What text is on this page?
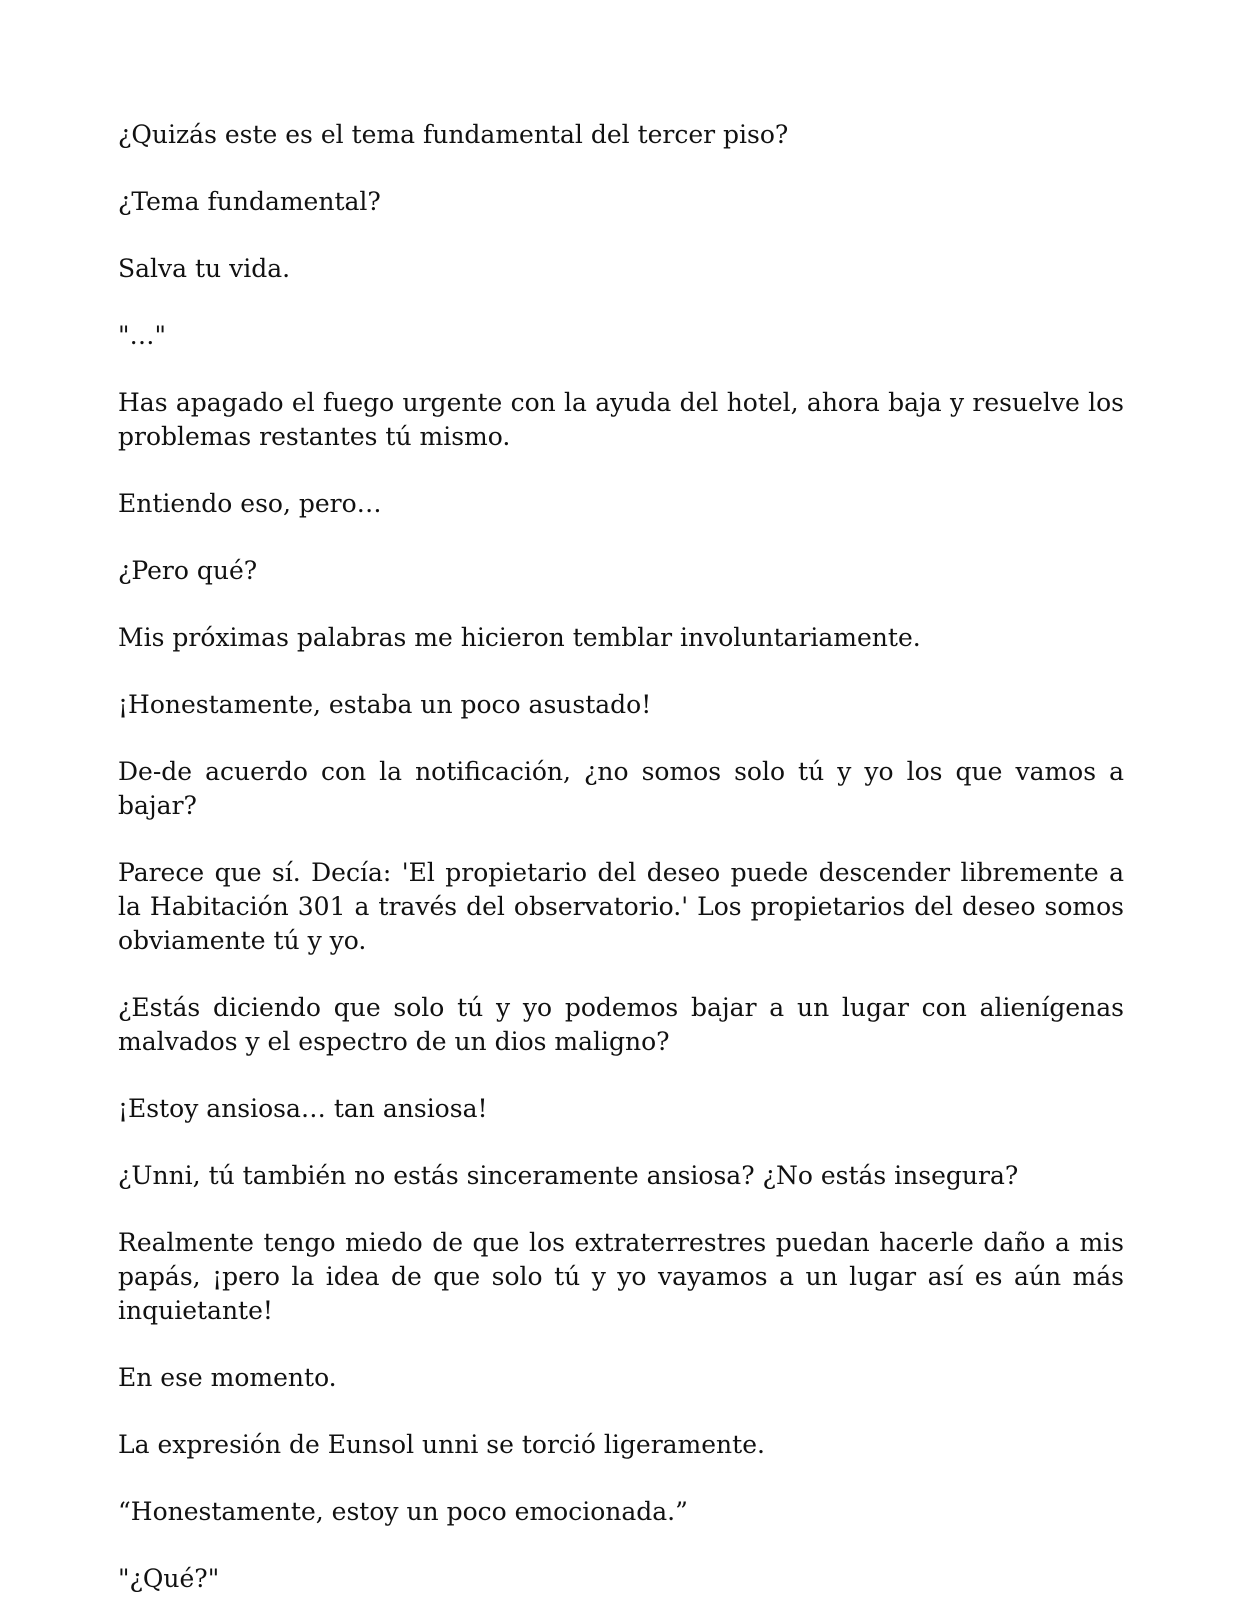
¿Quizás este es el tema fundamental del tercer piso?

¿Tema fundamental?

Salva tu vida.

"…"

Has apagado el fuego urgente con la ayuda del hotel, ahora baja y resuelve los problemas restantes tú mismo.

Entiendo eso, pero…

¿Pero qué?

Mis próximas palabras me hicieron temblar involuntariamente.

¡Honestamente, estaba un poco asustado!

De-de acuerdo con la notificación, ¿no somos solo tú y yo los que vamos a bajar?

Parece que sí. Decía: 'El propietario del deseo puede descender libremente a la Habitación 301 a través del observatorio.' Los propietarios del deseo somos obviamente tú y yo.

¿Estás diciendo que solo tú y yo podemos bajar a un lugar con alienígenas malvados y el espectro de un dios maligno?

¡Estoy ansiosa… tan ansiosa!

¿Unni, tú también no estás sinceramente ansiosa? ¿No estás insegura?

Realmente tengo miedo de que los extraterrestres puedan hacerle daño a mis papás, ¡pero la idea de que solo tú y yo vayamos a un lugar así es aún más inquietante!

En ese momento.

La expresión de Eunsol unni se torció ligeramente.

“Honestamente, estoy un poco emocionada.”

"¿Qué?"
